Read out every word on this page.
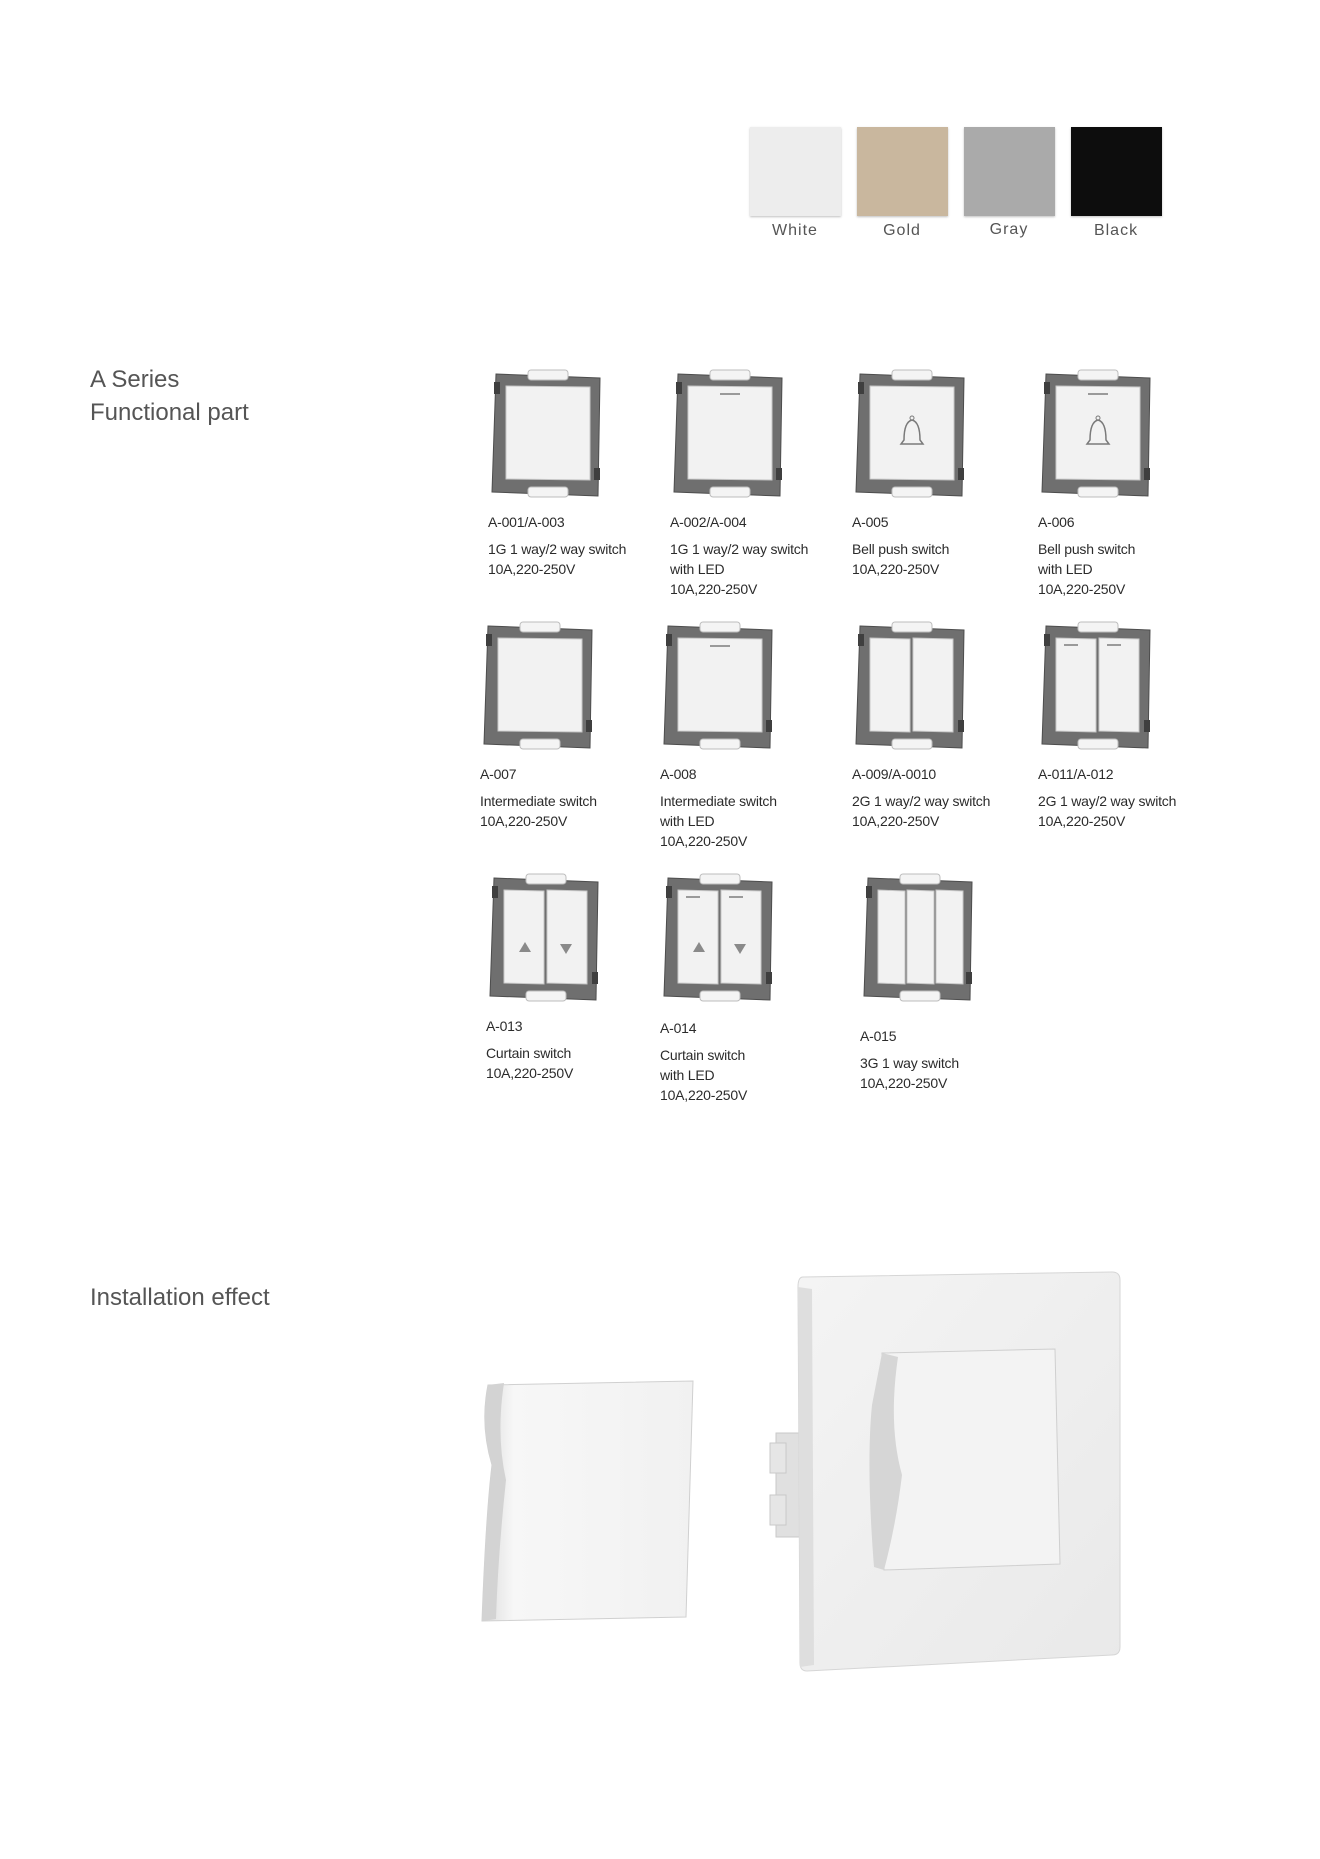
White	Gold	Gray	Black
A Series
Functional part
A-001/A-003
1G 1 way/2 way switch
10A,220-250V
A-002/A-004
1G 1 way/2 way switch
with LED
10A,220-250V
A-005
Bell push switch
10A,220-250V
A-006
Bell push switch
with LED
10A,220-250V
A-007
Intermediate switch
10A,220-250V
A-008
Intermediate switch
with LED
10A,220-250V
A-009/A-0010
2G 1 way/2 way switch
10A,220-250V
A-011/A-012
2G 1 way/2 way switch
10A,220-250V
A-013
Curtain switch
10A,220-250V
A-014
Curtain switch
with LED
10A,220-250V
A-015
3G 1 way switch
10A,220-250V
Installation effect
